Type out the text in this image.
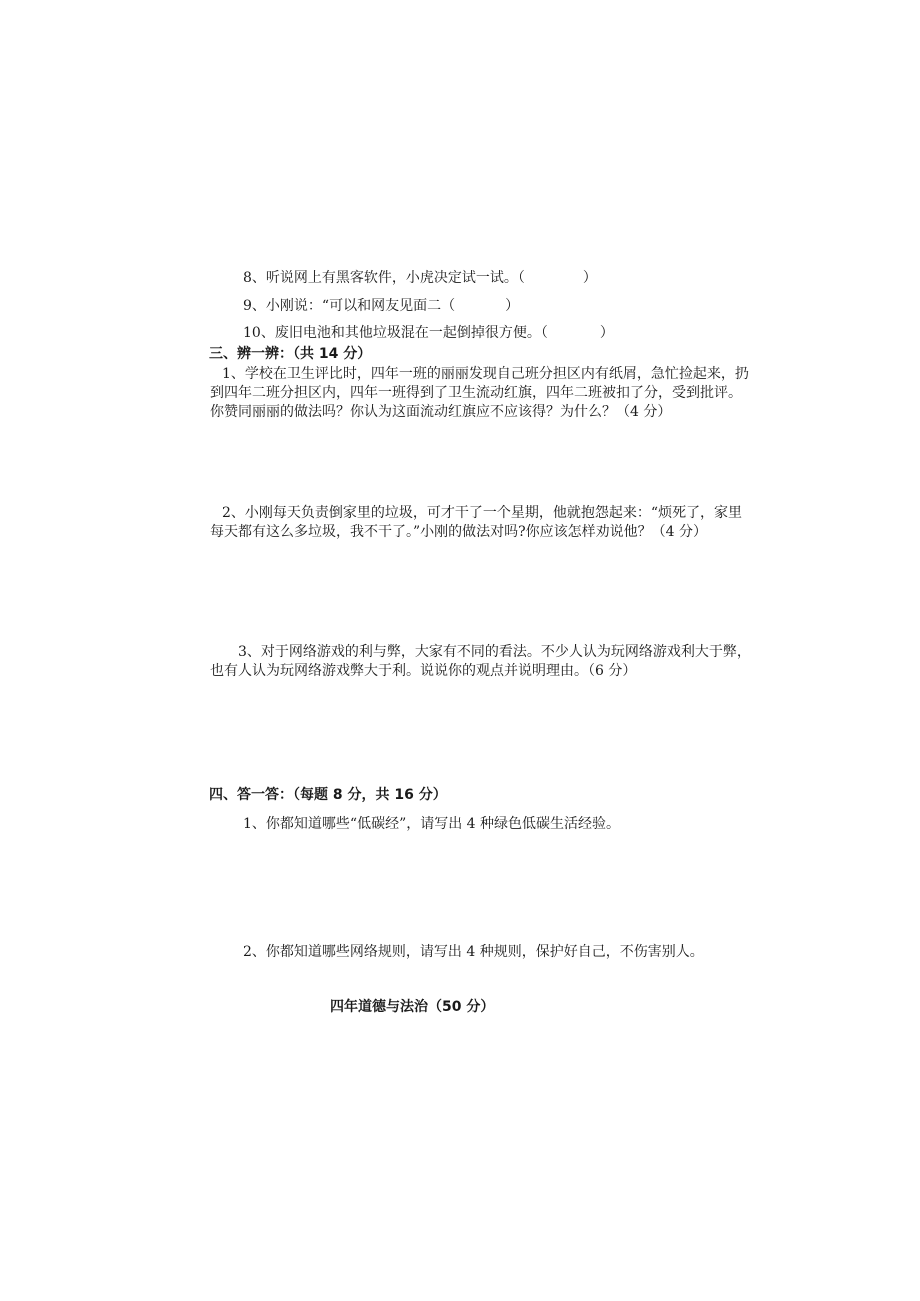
8、听说网上有黑客软件，小虎决定试一试。（	）
9、小刚说：“可以和网友见面二（	）
10、废旧电池和其他垃圾混在一起倒掉很方便。（	）
三、辨一辨：（共 14 分）
1、学校在卫生评比时，四年一班的丽丽发现自己班分担区内有纸屑，急忙捡起来，扔到四年二班分担区内，四年一班得到了卫生流动红旗，四年二班被扣了分，受到批评。你赞同丽丽的做法吗？你认为这面流动红旗应不应该得？为什么？（4 分）
2、小刚每天负责倒家里的垃圾，可才干了一个星期，他就抱怨起来：“烦死了，家里每天都有这么多垃圾，我不干了。”小刚的做法对吗?你应该怎样劝说他？（4 分）
3、对于网络游戏的利与弊，大家有不同的看法。不少人认为玩网络游戏利大于弊，也有人认为玩网络游戏弊大于利。说说你的观点并说明理由。（6 分）
四、答一答：（每题 8 分，共 16 分）
1、你都知道哪些“低碳经”，请写出 4 种绿色低碳生活经验。
2、你都知道哪些网络规则，请写出 4 种规则，保护好自己，不伤害别人。
四年道德与法治（50 分）
